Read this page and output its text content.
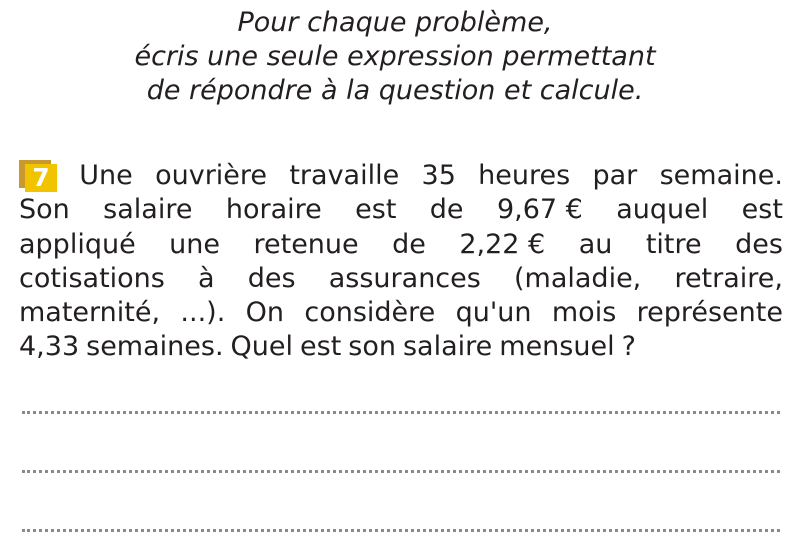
Pour chaque problème,
écris une seule expression permettant
de répondre à la question et calcule.
7 Une ouvrière travaille 35 heures par semaine.
Son salaire horaire est de 9,67 € auquel est
appliqué une retenue de 2,22 € au titre des
cotisations à des assurances (maladie, retraire,
maternité, ...). On considère qu'un mois représente
4,33 semaines. Quel est son salaire mensuel ?
